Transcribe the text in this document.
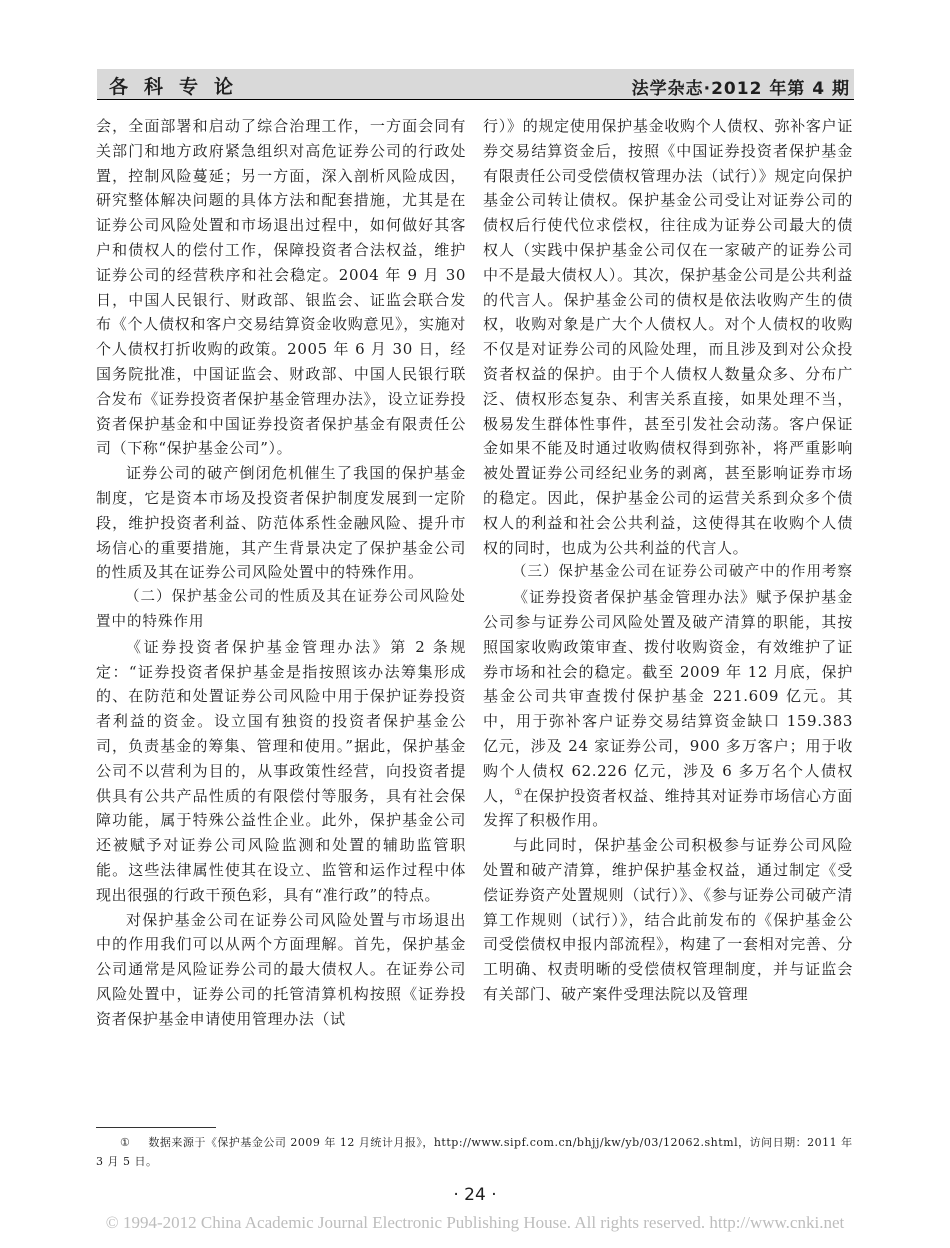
各科专论	法学杂志·2012 年第 4 期

会，全面部署和启动了综合治理工作，一方面会同有关部门和地方政府紧急组织对高危证券公司的行政处置，控制风险蔓延；另一方面，深入剖析风险成因，研究整体解决问题的具体方法和配套措施，尤其是在证券公司风险处置和市场退出过程中，如何做好其客户和债权人的偿付工作，保障投资者合法权益，维护证券公司的经营秩序和社会稳定。2004 年 9 月 30 日，中国人民银行、财政部、银监会、证监会联合发布《个人债权和客户交易结算资金收购意见》，实施对个人债权打折收购的政策。2005 年 6 月 30 日，经国务院批准，中国证监会、财政部、中国人民银行联合发布《证券投资者保护基金管理办法》，设立证券投资者保护基金和中国证券投资者保护基金有限责任公司（下称“保护基金公司”）。

证券公司的破产倒闭危机催生了我国的保护基金制度，它是资本市场及投资者保护制度发展到一定阶段，维护投资者利益、防范体系性金融风险、提升市场信心的重要措施，其产生背景决定了保护基金公司的性质及其在证券公司风险处置中的特殊作用。

（二）保护基金公司的性质及其在证券公司风险处置中的特殊作用

《证券投资者保护基金管理办法》第 2 条规定：“证券投资者保护基金是指按照该办法筹集形成的、在防范和处置证券公司风险中用于保护证券投资者利益的资金。设立国有独资的投资者保护基金公司，负责基金的筹集、管理和使用。”据此，保护基金公司不以营利为目的，从事政策性经营，向投资者提供具有公共产品性质的有限偿付等服务，具有社会保障功能，属于特殊公益性企业。此外，保护基金公司还被赋予对证券公司风险监测和处置的辅助监管职能。这些法律属性使其在设立、监管和运作过程中体现出很强的行政干预色彩，具有“准行政”的特点。

对保护基金公司在证券公司风险处置与市场退出中的作用我们可以从两个方面理解。首先，保护基金公司通常是风险证券公司的最大债权人。在证券公司风险处置中，证券公司的托管清算机构按照《证券投资者保护基金申请使用管理办法（试

行）》的规定使用保护基金收购个人债权、弥补客户证券交易结算资金后，按照《中国证券投资者保护基金有限责任公司受偿债权管理办法（试行）》规定向保护基金公司转让债权。保护基金公司受让对证券公司的债权后行使代位求偿权，往往成为证券公司最大的债权人（实践中保护基金公司仅在一家破产的证券公司中不是最大债权人）。其次，保护基金公司是公共利益的代言人。保护基金公司的债权是依法收购产生的债权，收购对象是广大个人债权人。对个人债权的收购不仅是对证券公司的风险处理，而且涉及到对公众投资者权益的保护。由于个人债权人数量众多、分布广泛、债权形态复杂、利害关系直接，如果处理不当，极易发生群体性事件，甚至引发社会动荡。客户保证金如果不能及时通过收购债权得到弥补，将严重影响被处置证券公司经纪业务的剥离，甚至影响证券市场的稳定。因此，保护基金公司的运营关系到众多个债权人的利益和社会公共利益，这使得其在收购个人债权的同时，也成为公共利益的代言人。

（三）保护基金公司在证券公司破产中的作用考察

《证券投资者保护基金管理办法》赋予保护基金公司参与证券公司风险处置及破产清算的职能，其按照国家收购政策审查、拨付收购资金，有效维护了证券市场和社会的稳定。截至 2009 年 12 月底，保护基金公司共审查拨付保护基金 221.609 亿元。其中，用于弥补客户证券交易结算资金缺口 159.383 亿元，涉及 24 家证券公司，900 多万客户；用于收购个人债权 62.226 亿元，涉及 6 多万名个人债权人，①在保护投资者权益、维持其对证券市场信心方面发挥了积极作用。

与此同时，保护基金公司积极参与证券公司风险处置和破产清算，维护保护基金权益，通过制定《受偿证券资产处置规则（试行）》、《参与证券公司破产清算工作规则（试行）》，结合此前发布的《保护基金公司受偿债权申报内部流程》，构建了一套相对完善、分工明确、权责明晰的受偿债权管理制度，并与证监会有关部门、破产案件受理法院以及管理

① 数据来源于《保护基金公司 2009 年 12 月统计月报》，http://www.sipf.com.cn/bhjj/kw/yb/03/12062.shtml，访问日期：2011 年 3 月 5 日。
· 24 ·
© 1994-2012 China Academic Journal Electronic Publishing House. All rights reserved. http://www.cnki.net
